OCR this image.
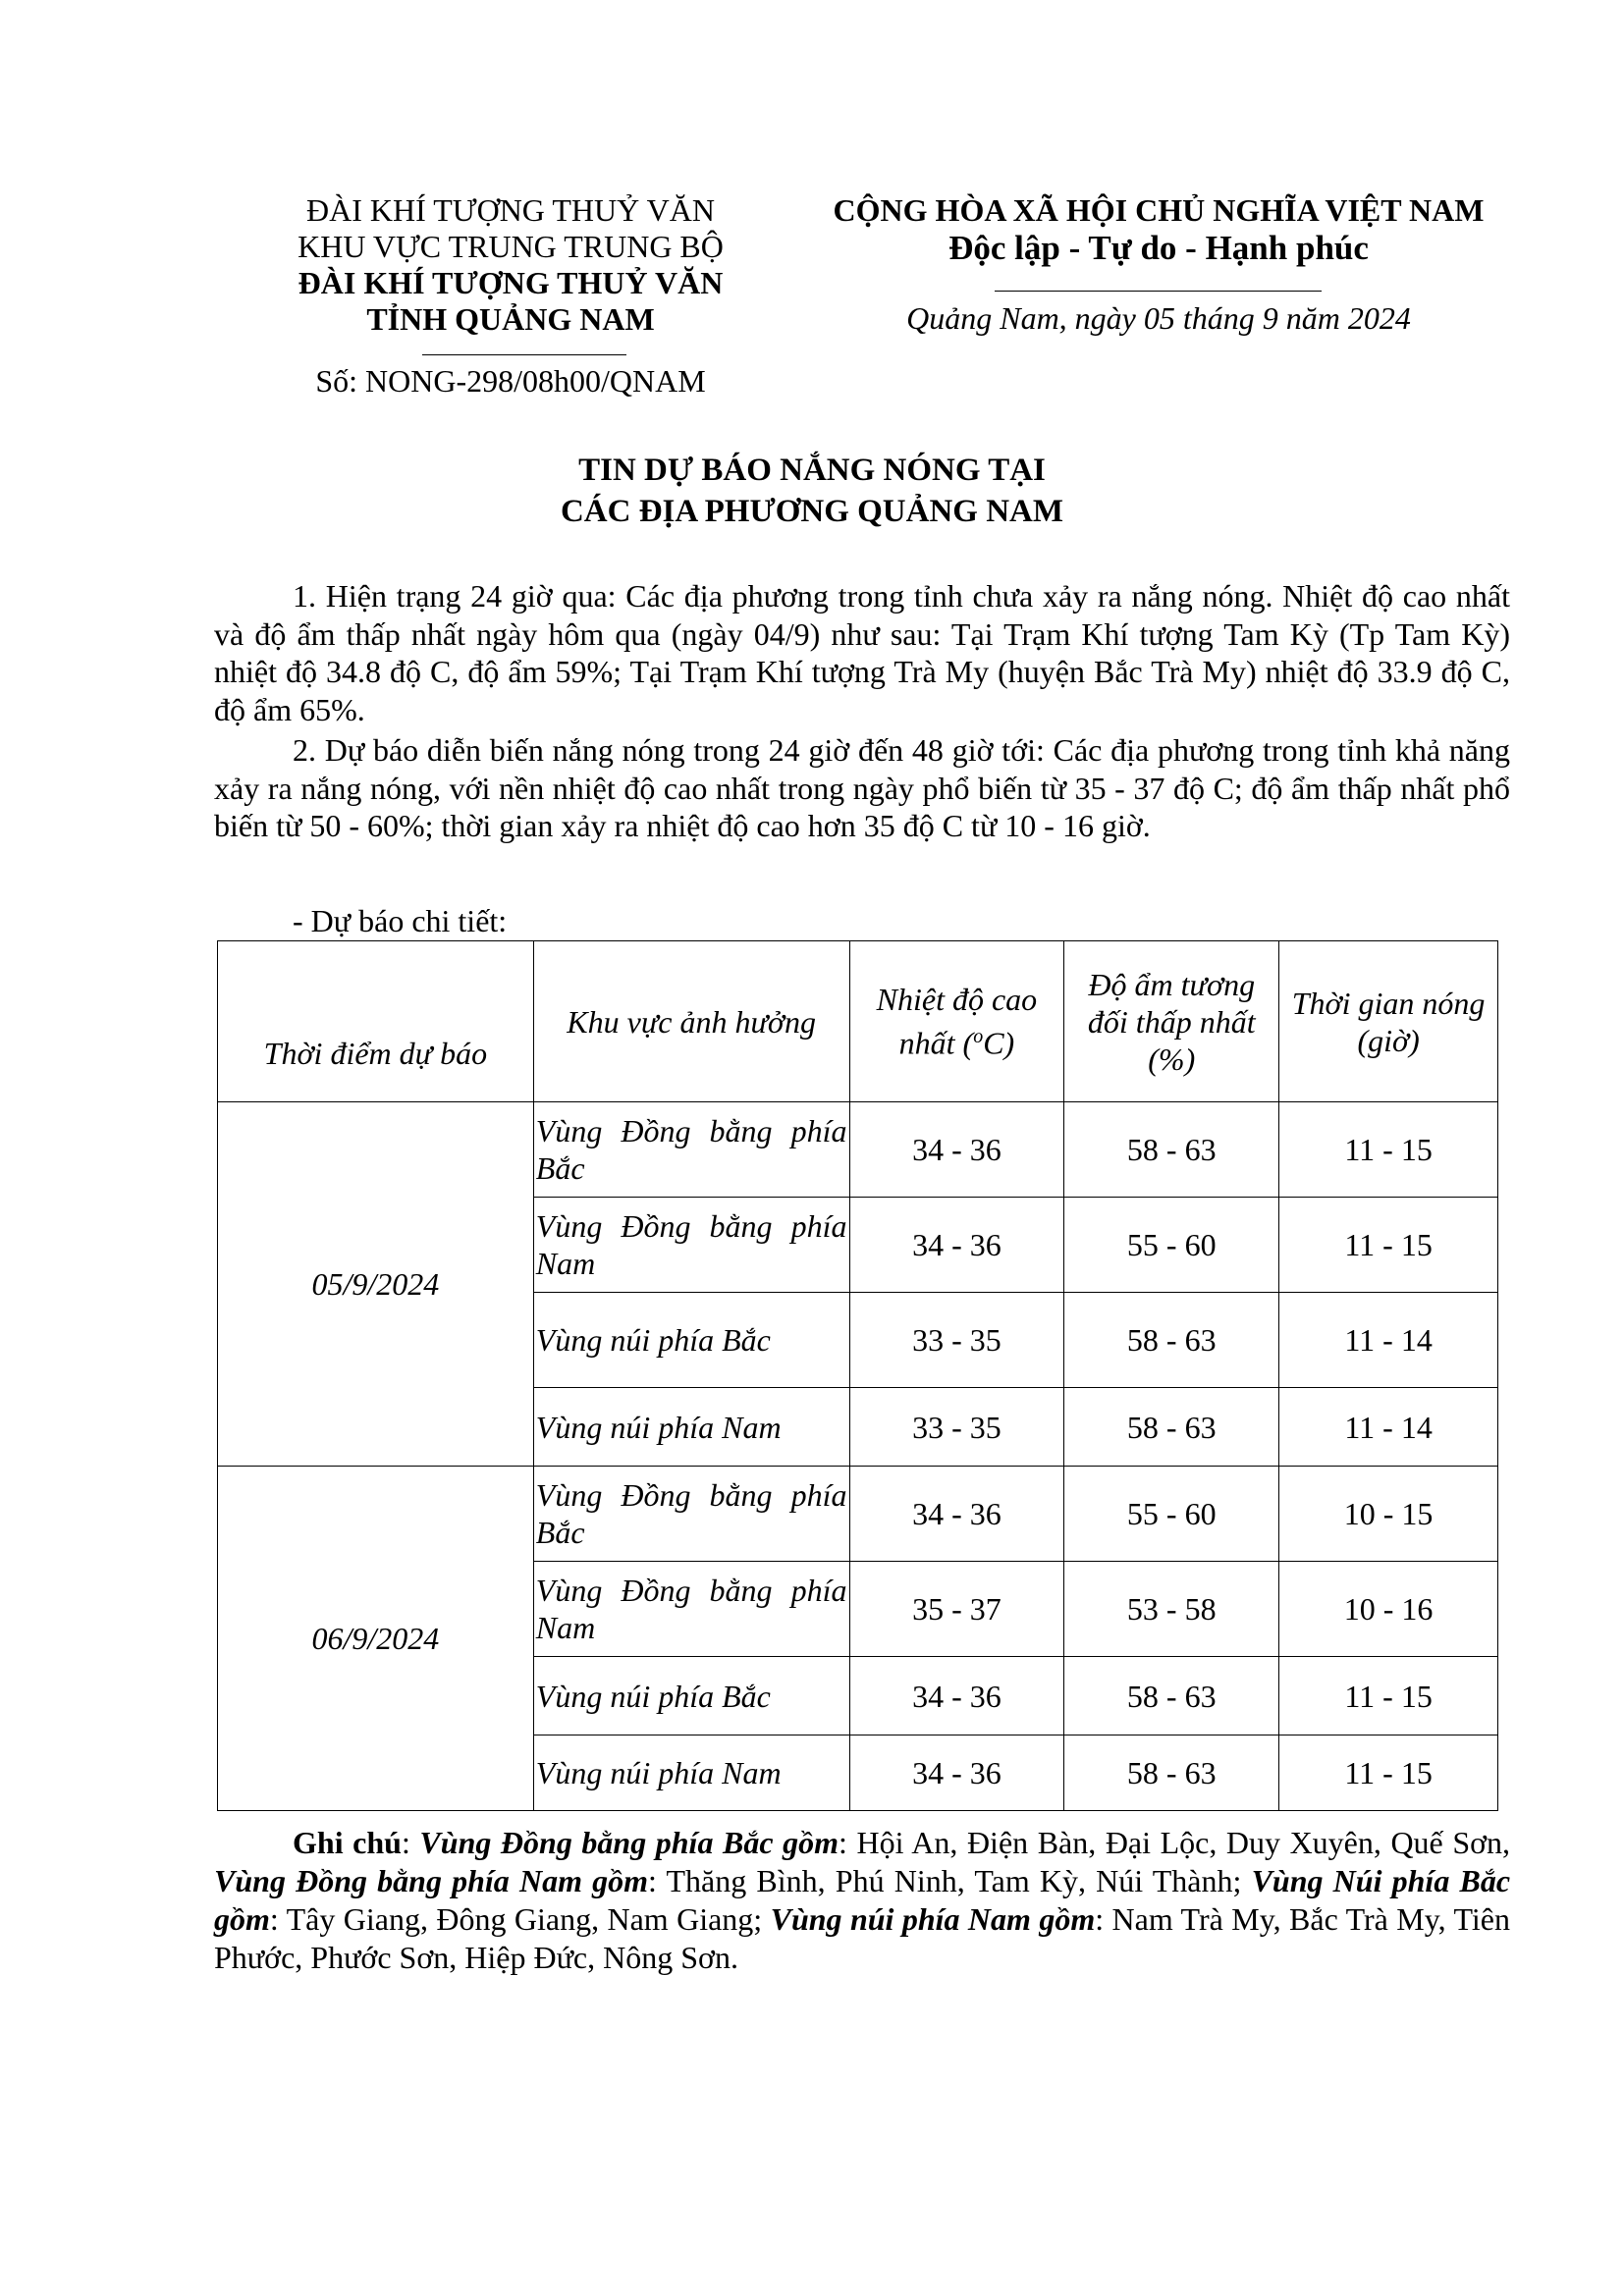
ĐÀI KHÍ TƯỢNG THUỶ VĂN
KHU VỰC TRUNG TRUNG BỘ
ĐÀI KHÍ TƯỢNG THUỶ VĂN
TỈNH QUẢNG NAM
Số: NONG-298/08h00/QNAM
CỘNG HÒA XÃ HỘI CHỦ NGHĨA VIỆT NAM
Độc lập - Tự do - Hạnh phúc
Quảng Nam, ngày 05 tháng 9 năm 2024
TIN DỰ BÁO NẮNG NÓNG TẠI
CÁC ĐỊA PHƯƠNG QUẢNG NAM
1. Hiện trạng 24 giờ qua: Các địa phương trong tỉnh chưa xảy ra nắng nóng. Nhiệt độ cao nhất và độ ẩm thấp nhất ngày hôm qua (ngày 04/9) như sau: Tại Trạm Khí tượng Tam Kỳ (Tp Tam Kỳ) nhiệt độ 34.8 độ C, độ ẩm 59%; Tại Trạm Khí tượng Trà My (huyện Bắc Trà My) nhiệt độ 33.9 độ C, độ ẩm 65%.
2. Dự báo diễn biến nắng nóng trong 24 giờ đến 48 giờ tới: Các địa phương trong tỉnh khả năng xảy ra nắng nóng, với nền nhiệt độ cao nhất trong ngày phổ biến từ 35 - 37 độ C; độ ẩm thấp nhất phổ biến từ 50 - 60%; thời gian xảy ra nhiệt độ cao hơn 35 độ C từ 10 - 16 giờ.
- Dự báo chi tiết:
Thời điểm dự báo	Khu vực ảnh hưởng	Nhiệt độ cao nhất ($^o$C)	Độ ẩm tương đối thấp nhất (%)	Thời gian nóng (giờ)
05/9/2024	Vùng Đồng bằng phía Bắc	34 - 36	58 - 63	11 - 15

	Vùng Đồng bằng phía Nam	34 - 36	55 - 60	11 - 15

	Vùng núi phía Bắc	33 - 35	58 - 63	11 - 14

	Vùng núi phía Nam	33 - 35	58 - 63	11 - 14
06/9/2024	Vùng Đồng bằng phía Bắc	34 - 36	55 - 60	10 - 15

	Vùng Đồng bằng phía Nam	35 - 37	53 - 58	10 - 16

	Vùng núi phía Bắc	34 - 36	58 - 63	11 - 15

	Vùng núi phía Nam	34 - 36	58 - 63	11 - 15
Ghi chú: Vùng Đồng bằng phía Bắc gồm: Hội An, Điện Bàn, Đại Lộc, Duy Xuyên, Quế Sơn, Vùng Đồng bằng phía Nam gồm: Thăng Bình, Phú Ninh, Tam Kỳ, Núi Thành; Vùng Núi phía Bắc gồm: Tây Giang, Đông Giang, Nam Giang; Vùng núi phía Nam gồm: Nam Trà My, Bắc Trà My, Tiên Phước, Phước Sơn, Hiệp Đức, Nông Sơn.
